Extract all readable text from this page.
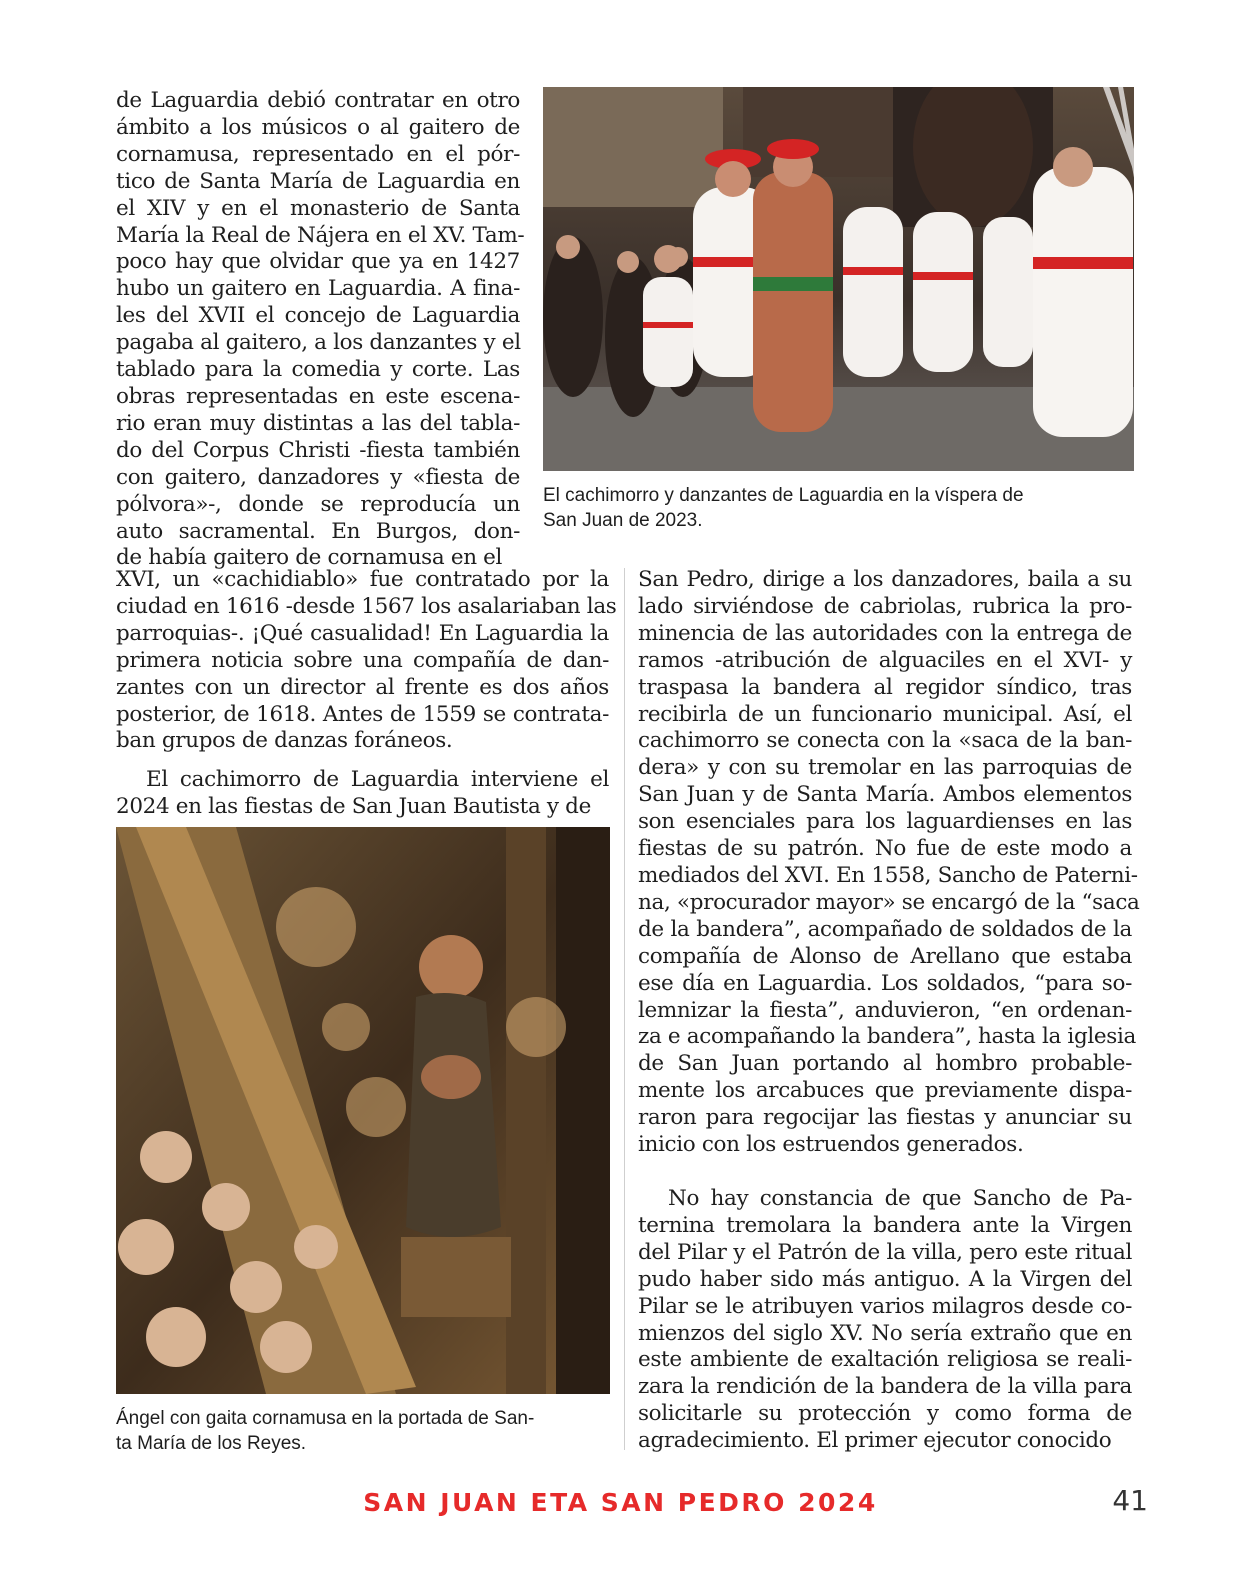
de Laguardia debió contratar en otro
ámbito a los músicos o al gaitero de
cornamusa, representado en el pór-
tico de Santa María de Laguardia en
el XIV y en el monasterio de Santa
María la Real de Nájera en el XV. Tam-
poco hay que olvidar que ya en 1427
hubo un gaitero en Laguardia. A fina-
les del XVII el concejo de Laguardia
pagaba al gaitero, a los danzantes y el
tablado para la comedia y corte. Las
obras representadas en este escena-
rio eran muy distintas a las del tabla-
do del Corpus Christi -fiesta también
con gaitero, danzadores y «fiesta de
pólvora»-, donde se reproducía un
auto sacramental. En Burgos, don-
de había gaitero de cornamusa en el
El cachimorro y danzantes de Laguardia en la víspera de
San Juan de 2023.
XVI, un «cachidiablo» fue contratado por la
ciudad en 1616 -desde 1567 los asalariaban las
parroquias-. ¡Qué casualidad! En Laguardia la
primera noticia sobre una compañía de dan-
zantes con un director al frente es dos años
posterior, de 1618. Antes de 1559 se contrata-
ban grupos de danzas foráneos.
El cachimorro de Laguardia interviene el
2024 en las fiestas de San Juan Bautista y de
Ángel con gaita cornamusa en la portada de San-
ta María de los Reyes.
San Pedro, dirige a los danzadores, baila a su
lado sirviéndose de cabriolas, rubrica la pro-
minencia de las autoridades con la entrega de
ramos -atribución de alguaciles en el XVI- y
traspasa la bandera al regidor síndico, tras
recibirla de un funcionario municipal. Así, el
cachimorro se conecta con la «saca de la ban-
dera» y con su tremolar en las parroquias de
San Juan y de Santa María. Ambos elementos
son esenciales para los laguardienses en las
fiestas de su patrón. No fue de este modo a
mediados del XVI. En 1558, Sancho de Paterni-
na, «procurador mayor» se encargó de la “saca
de la bandera”, acompañado de soldados de la
compañía de Alonso de Arellano que estaba
ese día en Laguardia. Los soldados, “para so-
lemnizar la fiesta”, anduvieron, “en ordenan-
za e acompañando la bandera”, hasta la iglesia
de San Juan portando al hombro probable-
mente los arcabuces que previamente dispa-
raron para regocijar las fiestas y anunciar su
inicio con los estruendos generados.
No hay constancia de que Sancho de Pa-
ternina tremolara la bandera ante la Virgen
del Pilar y el Patrón de la villa, pero este ritual
pudo haber sido más antiguo. A la Virgen del
Pilar se le atribuyen varios milagros desde co-
mienzos del siglo XV. No sería extraño que en
este ambiente de exaltación religiosa se reali-
zara la rendición de la bandera de la villa para
solicitarle su protección y como forma de
agradecimiento. El primer ejecutor conocido
SAN JUAN ETA SAN PEDRO 2024	41
